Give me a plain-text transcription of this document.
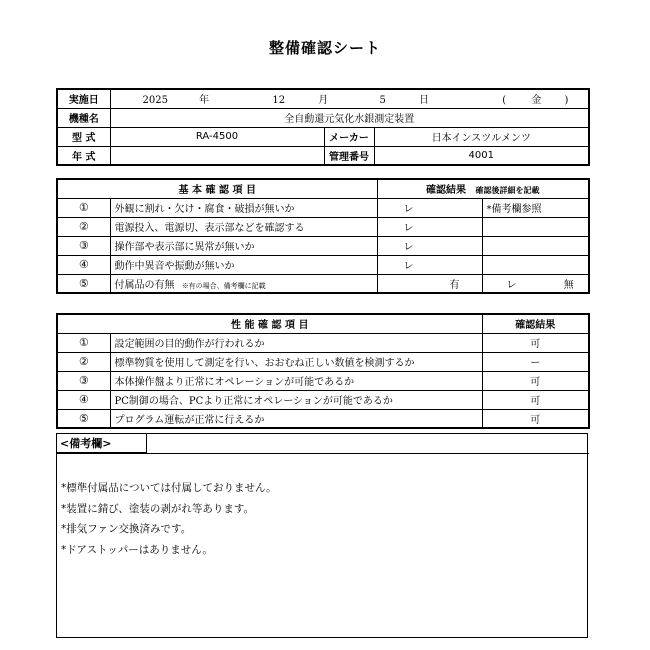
整備確認シート
実施日	2025 年 12 月 5 日 ( 金 )		
機種名	全自動還元気化水銀測定装置		
型 式	RA-4500	メーカー	日本インスツルメンツ
年 式		管理番号	4001
基 本 確 認 項 目		確認結果 確認後詳細を記載	
①	外観に割れ・欠け・腐食・破損が無いか	レ	*備考欄参照
②	電源投入、電源切、表示部などを確認する	レ	
③	操作部や表示部に異常が無いか	レ	
④	動作中異音や振動が無いか	レ	
⑤	付属品の有無 ※有の場合、備考欄に記載	有	レ 無
性 能 確 認 項 目		確認結果
①	設定範囲の目的動作が行われるか	可
②	標準物質を使用して測定を行い、おおむね正しい数値を検測するか	ー
③	本体操作盤より正常にオペレーションが可能であるか	可
④	PC制御の場合、PCより正常にオペレーションが可能であるか	可
⑤	プログラム運転が正常に行えるか	可
<備考欄>
*標準付属品については付属しておりません。
*装置に錆び、塗装の剥がれ等あります。
*排気ファン交換済みです。
*ドアストッパーはありません。
